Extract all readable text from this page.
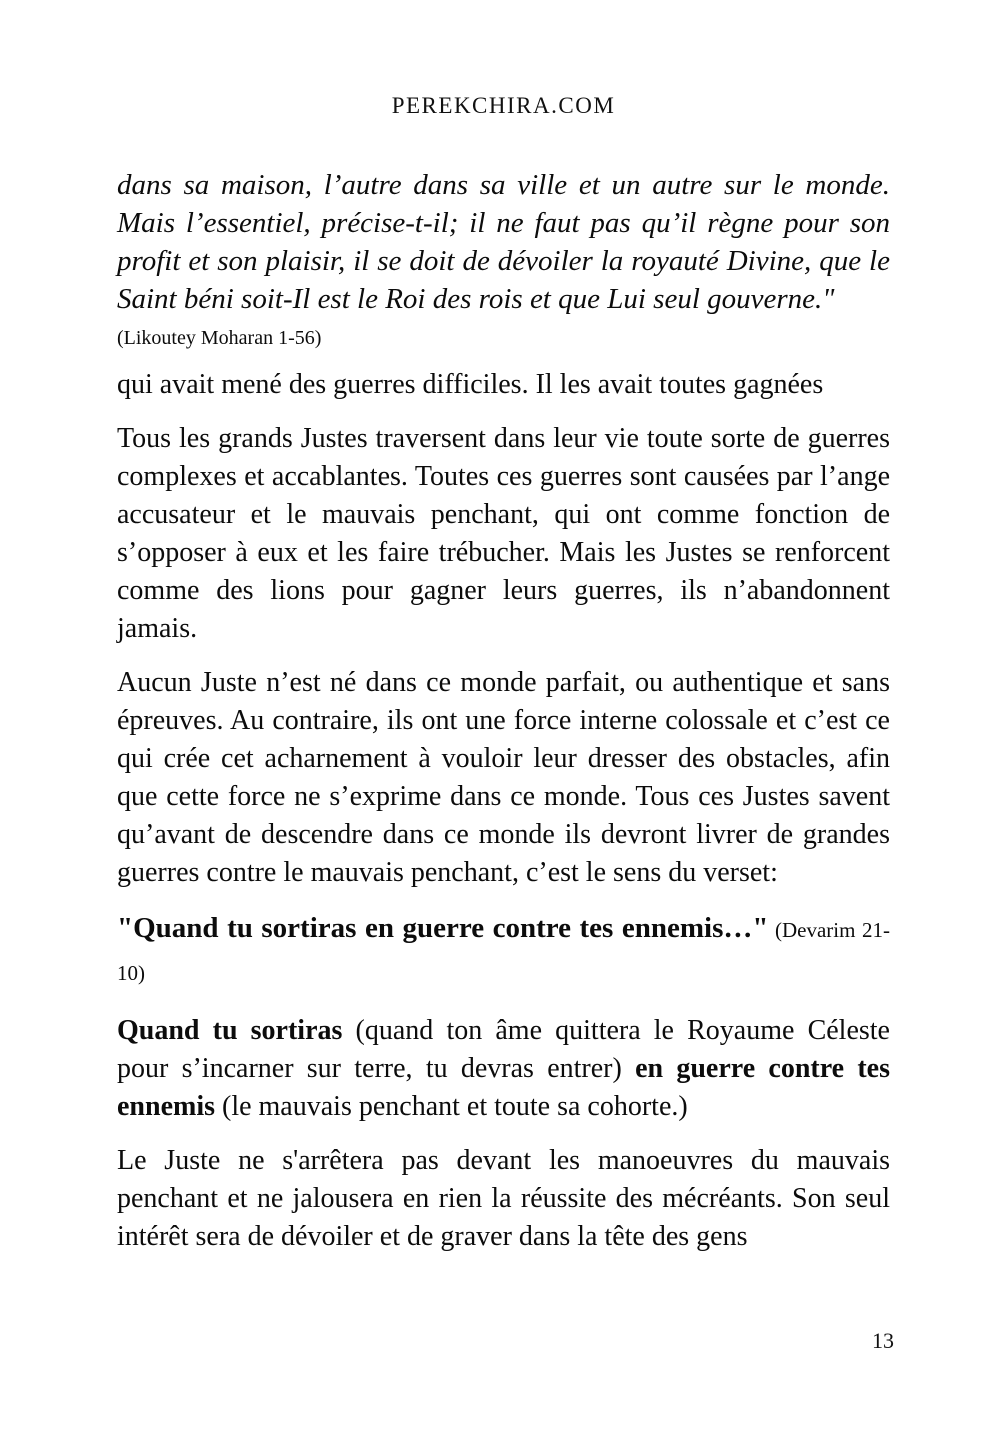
PEREKCHIRA.COM

dans sa maison, l’autre dans sa ville et un autre sur le monde. Mais l’essentiel, précise-t-il; il ne faut pas qu’il règne pour son profit et son plaisir, il se doit de dévoiler la royauté Divine, que le Saint béni soit-Il est le Roi des rois et que Lui seul gouverne."

(Likoutey Moharan 1-56)

qui avait mené des guerres difficiles. Il les avait toutes gagnées

Tous les grands Justes traversent dans leur vie toute sorte de guerres complexes et accablantes. Toutes ces guerres sont causées par l’ange accusateur et le mauvais penchant, qui ont comme fonction de s’opposer à eux et les faire trébucher. Mais les Justes se renforcent comme des lions pour gagner leurs guerres, ils n’abandonnent jamais.

Aucun Juste n’est né dans ce monde parfait, ou authentique et sans épreuves. Au contraire, ils ont une force interne colossale et c’est ce qui crée cet acharnement à vouloir leur dresser des obstacles, afin que cette force ne s’exprime dans ce monde. Tous ces Justes savent qu’avant de descendre dans ce monde ils devront livrer de grandes guerres contre le mauvais penchant, c’est le sens du verset:

"Quand tu sortiras en guerre contre tes ennemis…" (Devarim 21-10)

Quand tu sortiras (quand ton âme quittera le Royaume Céleste pour s’incarner sur terre, tu devras entrer) en guerre contre tes ennemis (le mauvais penchant et toute sa cohorte.)

Le Juste ne s'arrêtera pas devant les manoeuvres du mauvais penchant et ne jalousera en rien la réussite des mécréants. Son seul intérêt sera de dévoiler et de graver dans la tête des gens

13
